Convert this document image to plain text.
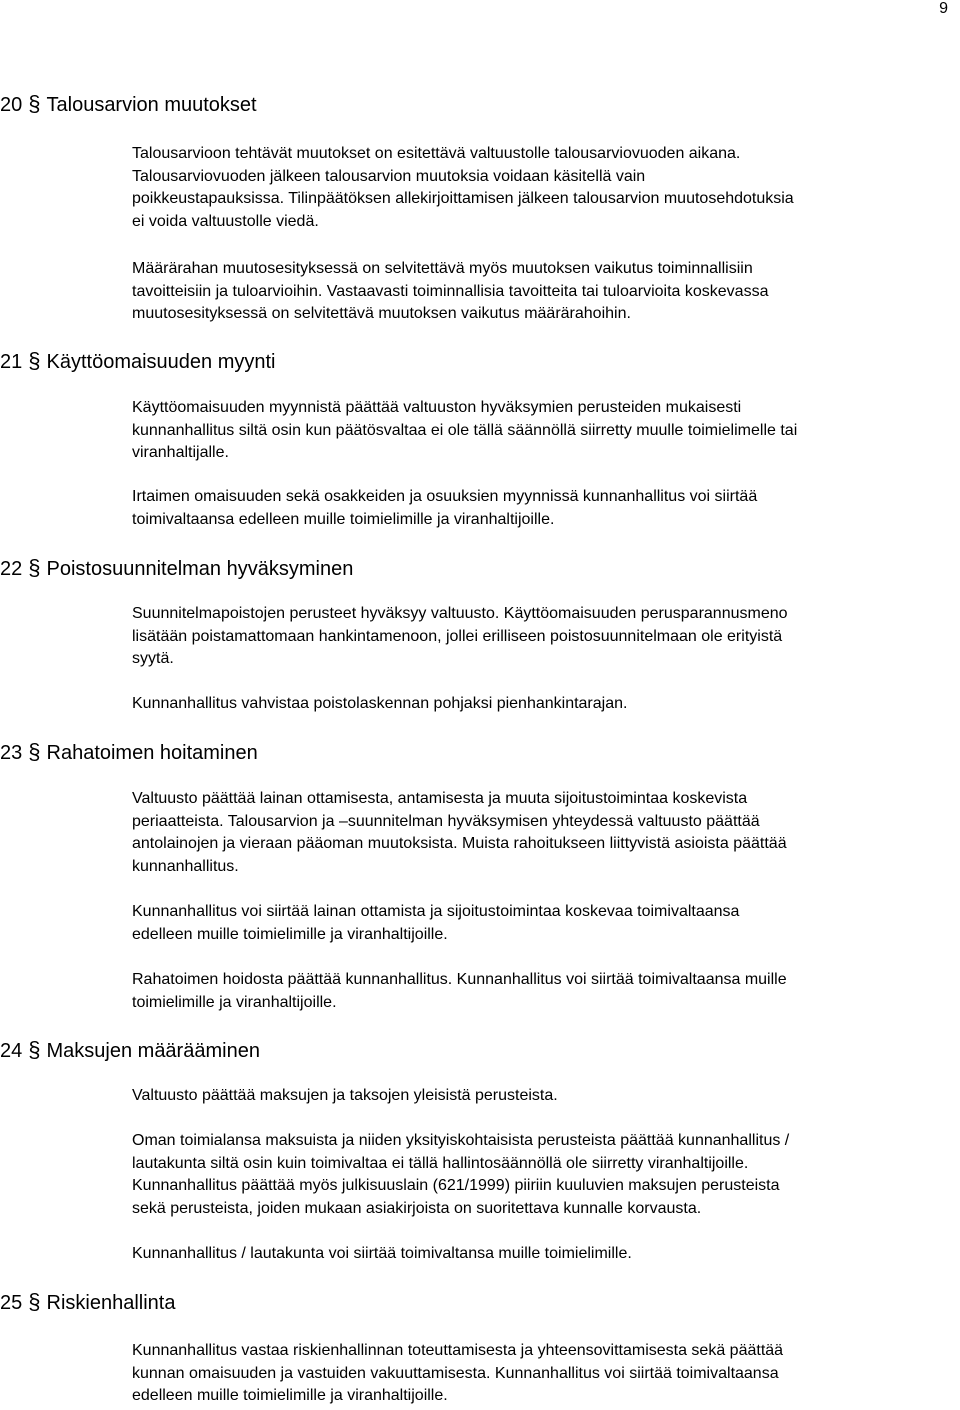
9
20 § Talousarvion muutokset

Talousarvioon tehtävät muutokset on esitettävä valtuustolle talousarviovuoden aikana.
Talousarviovuoden jälkeen talousarvion muutoksia voidaan käsitellä vain
poikkeustapauksissa. Tilinpäätöksen allekirjoittamisen jälkeen talousarvion muutosehdotuksia
ei voida valtuustolle viedä.

Määrärahan muutosesityksessä on selvitettävä myös muutoksen vaikutus toiminnallisiin
tavoitteisiin ja tuloarvioihin. Vastaavasti toiminnallisia tavoitteita tai tuloarvioita koskevassa
muutosesityksessä on selvitettävä muutoksen vaikutus määrärahoihin.

21 § Käyttöomaisuuden myynti

Käyttöomaisuuden myynnistä päättää valtuuston hyväksymien perusteiden mukaisesti
kunnanhallitus siltä osin kun päätösvaltaa ei ole tällä säännöllä siirretty muulle toimielimelle tai
viranhaltijalle.

Irtaimen omaisuuden sekä osakkeiden ja osuuksien myynnissä kunnanhallitus voi siirtää
toimivaltaansa edelleen muille toimielimille ja viranhaltijoille.

22 § Poistosuunnitelman hyväksyminen

Suunnitelmapoistojen perusteet hyväksyy valtuusto. Käyttöomaisuuden perusparannusmeno
lisätään poistamattomaan hankintamenoon, jollei erilliseen poistosuunnitelmaan ole erityistä
syytä.

Kunnanhallitus vahvistaa poistolaskennan pohjaksi pienhankintarajan.

23 § Rahatoimen hoitaminen

Valtuusto päättää lainan ottamisesta, antamisesta ja muuta sijoitustoimintaa koskevista
periaatteista. Talousarvion ja –suunnitelman hyväksymisen yhteydessä valtuusto päättää
antolainojen ja vieraan pääoman muutoksista. Muista rahoitukseen liittyvistä asioista päättää
kunnanhallitus.

Kunnanhallitus voi siirtää lainan ottamista ja sijoitustoimintaa koskevaa toimivaltaansa
edelleen muille toimielimille ja viranhaltijoille.

Rahatoimen hoidosta päättää kunnanhallitus. Kunnanhallitus voi siirtää toimivaltaansa muille
toimielimille ja viranhaltijoille.

24 § Maksujen määrääminen

Valtuusto päättää maksujen ja taksojen yleisistä perusteista.

Oman toimialansa maksuista ja niiden yksityiskohtaisista perusteista päättää kunnanhallitus /
lautakunta siltä osin kuin toimivaltaa ei tällä hallintosäännöllä ole siirretty viranhaltijoille.
Kunnanhallitus päättää myös julkisuuslain (621/1999) piiriin kuuluvien maksujen perusteista
sekä perusteista, joiden mukaan asiakirjoista on suoritettava kunnalle korvausta.

Kunnanhallitus / lautakunta voi siirtää toimivaltansa muille toimielimille.

25 § Riskienhallinta

Kunnanhallitus vastaa riskienhallinnan toteuttamisesta ja yhteensovittamisesta sekä päättää
kunnan omaisuuden ja vastuiden vakuuttamisesta. Kunnanhallitus voi siirtää toimivaltaansa
edelleen muille toimielimille ja viranhaltijoille.
